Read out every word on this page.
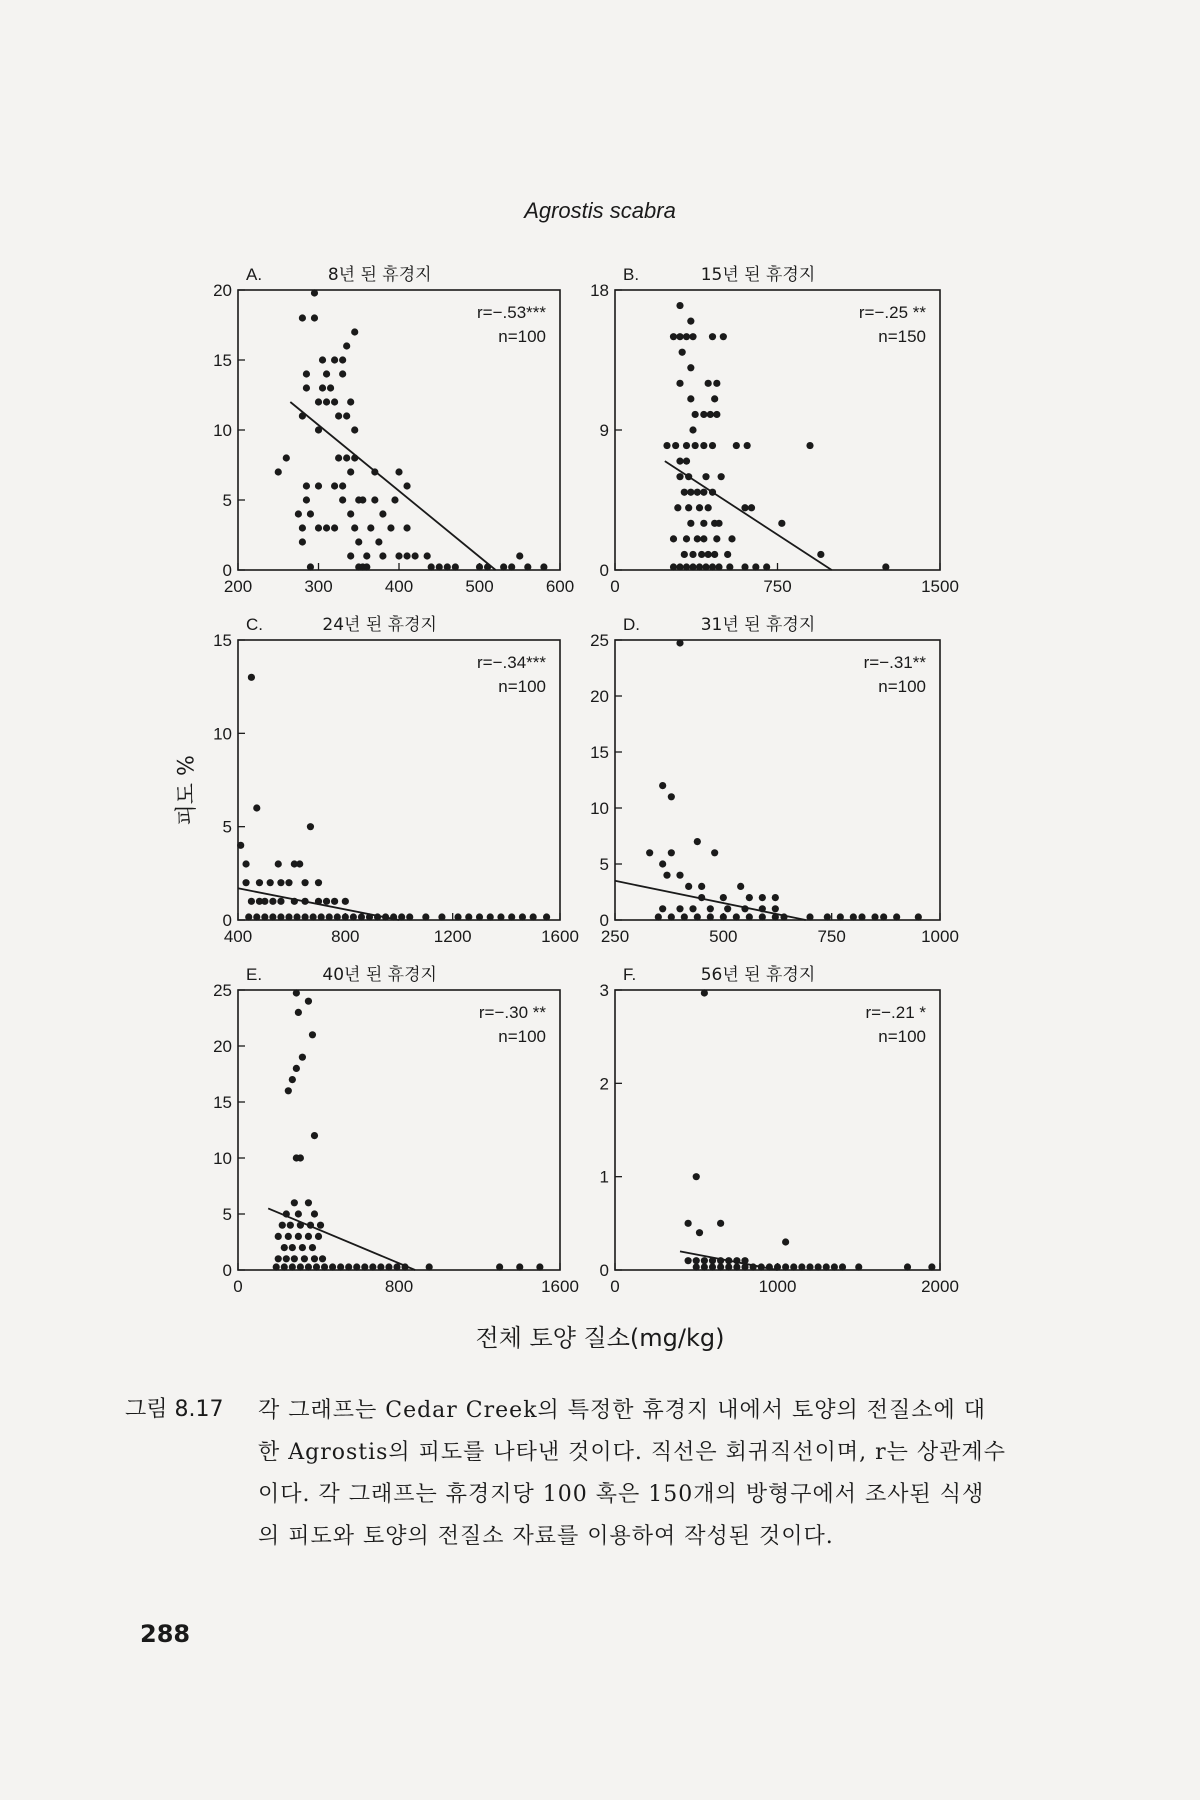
Agrostis scabra
피도 %
전체 토양 질소(mg/kg)
0
5
10
15
20
200	300	400	500	600
A.	8년 된 휴경지
r=−.53***
n=100
0
9
18
0	750	1500
B.	15년 된 휴경지
r=−.25 **
n=150
0
5
10
15
400	800	1200	1600
C.	24년 된 휴경지
r=−.34***
n=100
0
5
10
15
20
25
250	500	750	1000
D.	31년 된 휴경지
r=−.31**
n=100
0
5
10
15
20
25
0	800	1600
E.	40년 된 휴경지
r=−.30 **
n=100
0
1
2
3
0	1000	2000
F.	56년 된 휴경지
r=−.21 *
n=100
그림 8.17 각 그래프는 Cedar Creek의 특정한 휴경지 내에서 토양의 전질소에 대
한 Agrostis의 피도를 나타낸 것이다. 직선은 회귀직선이며, r는 상관계수
이다. 각 그래프는 휴경지당 100 혹은 150개의 방형구에서 조사된 식생
의 피도와 토양의 전질소 자료를 이용하여 작성된 것이다.
288
